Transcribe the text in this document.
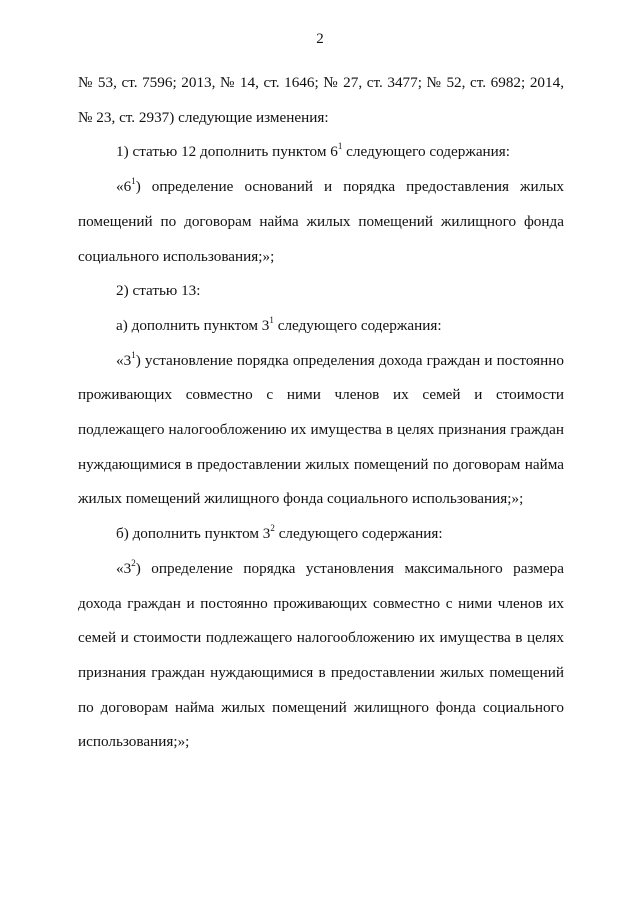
2

№ 53, ст. 7596; 2013, № 14, ст. 1646; № 27, ст. 3477; № 52, ст. 6982; 2014, № 23, ст. 2937) следующие изменения:

1) статью 12 дополнить пунктом $6^1$ следующего содержания:

«$6^1$) определение оснований и порядка предоставления жилых помещений по договорам найма жилых помещений жилищного фонда социального использования;»;

2) статью 13:

а) дополнить пунктом $3^1$ следующего содержания:

«$3^1$) установление порядка определения дохода граждан и постоянно проживающих совместно с ними членов их семей и стоимости подлежащего налогообложению их имущества в целях признания граждан нуждающимися в предоставлении жилых помещений по договорам найма жилых помещений жилищного фонда социального использования;»;

б) дополнить пунктом $3^2$ следующего содержания:

«$3^2$) определение порядка установления максимального размера дохода граждан и постоянно проживающих совместно с ними членов их семей и стоимости подлежащего налогообложению их имущества в целях признания граждан нуждающимися в предоставлении жилых помещений по договорам найма жилых помещений жилищного фонда социального использования;»;
